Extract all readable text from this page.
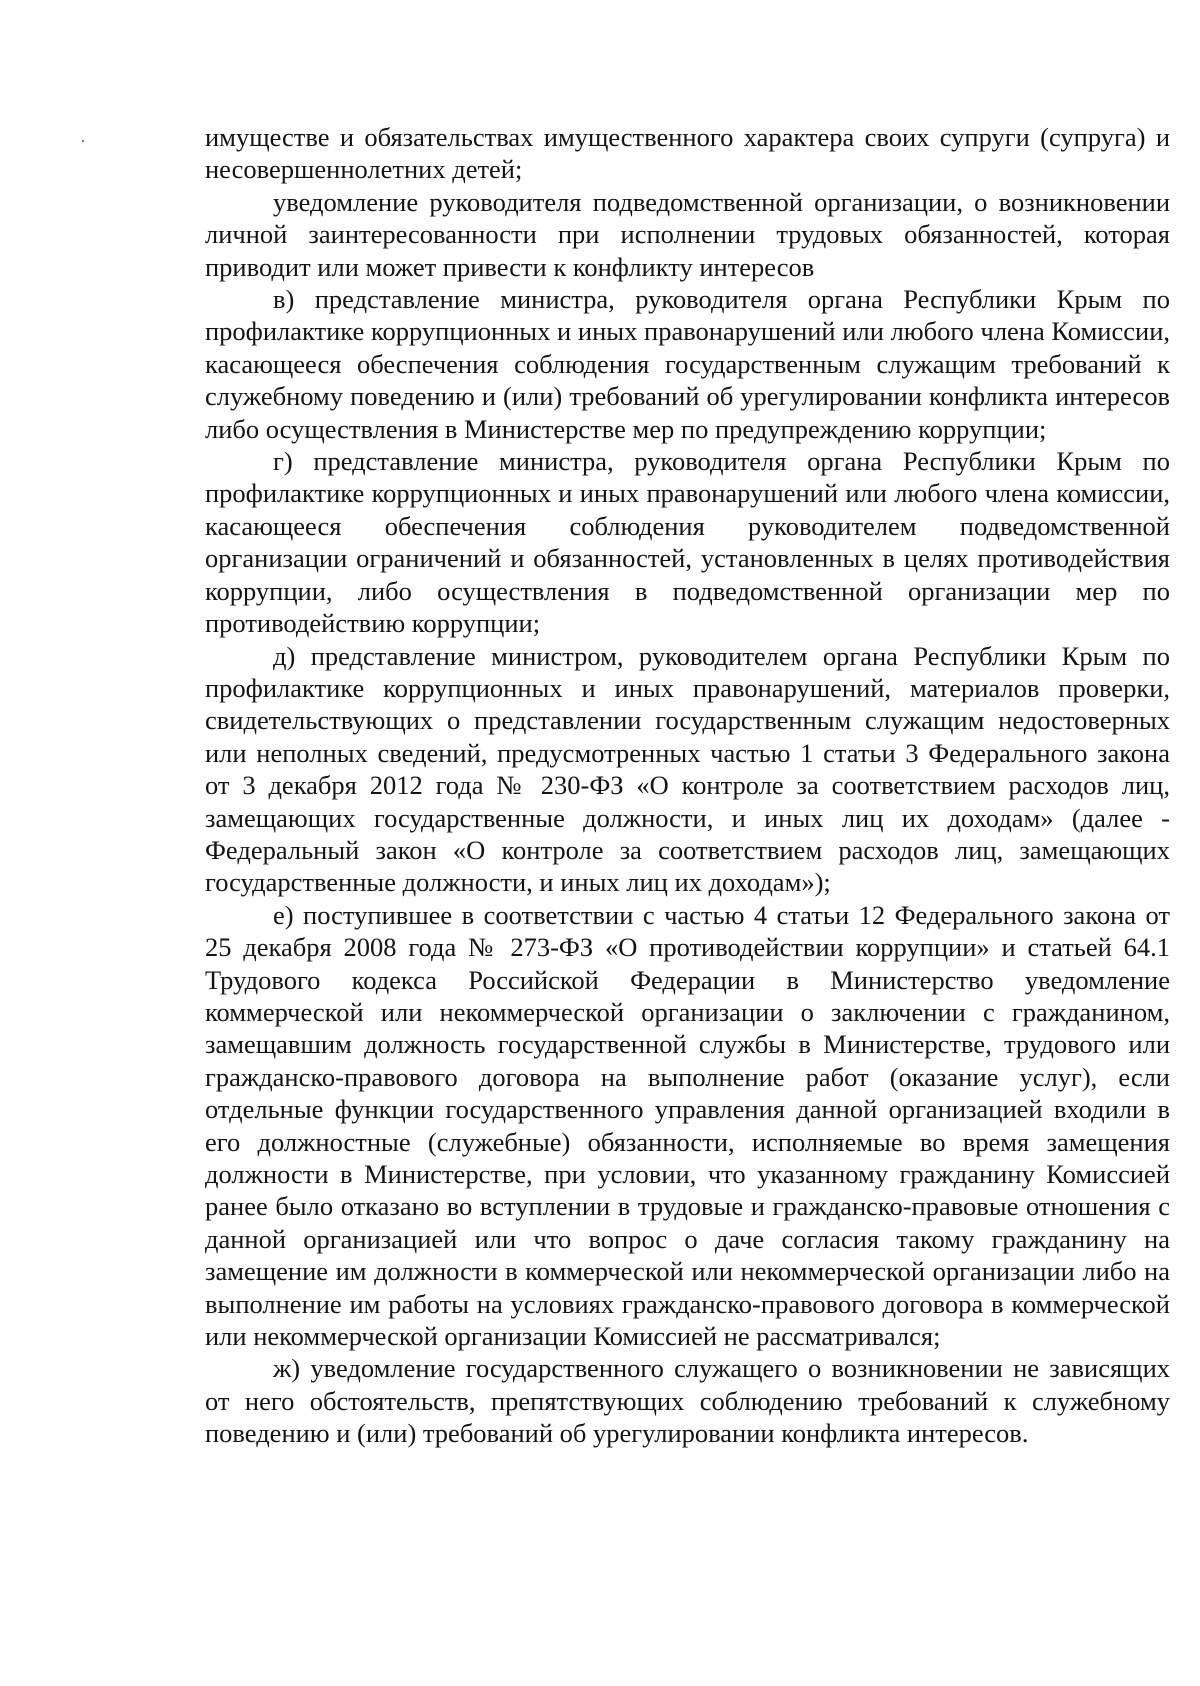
имуществе и обязательствах имущественного характера своих супруги (супруга) и несовершеннолетних детей;

уведомление руководителя подведомственной организации, о возникновении личной заинтересованности при исполнении трудовых обязанностей, которая приводит или может привести к конфликту интересов

в) представление министра, руководителя органа Республики Крым по профилактике коррупционных и иных правонарушений или любого члена Комиссии, касающееся обеспечения соблюдения государственным служащим требований к служебному поведению и (или) требований об урегулировании конфликта интересов либо осуществления в Министерстве мер по предупреждению коррупции;

г) представление министра, руководителя органа Республики Крым по профилактике коррупционных и иных правонарушений или любого члена комиссии, касающееся обеспечения соблюдения руководителем подведомственной организации ограничений и обязанностей, установленных в целях противодействия коррупции, либо осуществления в подведомственной организации мер по противодействию коррупции;

д) представление министром, руководителем органа Республики Крым по профилактике коррупционных и иных правонарушений, материалов проверки, свидетельствующих о представлении государственным служащим недостоверных или неполных сведений, предусмотренных частью 1 статьи 3 Федерального закона от 3 декабря 2012 года № 230-ФЗ «О контроле за соответствием расходов лиц, замещающих государственные должности, и иных лиц их доходам» (далее - Федеральный закон «О контроле за соответствием расходов лиц, замещающих государственные должности, и иных лиц их доходам»);

е) поступившее в соответствии с частью 4 статьи 12 Федерального закона от 25 декабря 2008 года № 273-ФЗ «О противодействии коррупции» и статьей 64.1 Трудового кодекса Российской Федерации в Министерство уведомление коммерческой или некоммерческой организации о заключении с гражданином, замещавшим должность государственной службы в Министерстве, трудового или гражданско-правового договора на выполнение работ (оказание услуг), если отдельные функции государственного управления данной организацией входили в его должностные (служебные) обязанности, исполняемые во время замещения должности в Министерстве, при условии, что указанному гражданину Комиссией ранее было отказано во вступлении в трудовые и гражданско-правовые отношения с данной организацией или что вопрос о даче согласия такому гражданину на замещение им должности в коммерческой или некоммерческой организации либо на выполнение им работы на условиях гражданско-правового договора в коммерческой или некоммерческой организации Комиссией не рассматривался;

ж) уведомление государственного служащего о возникновении не зависящих от него обстоятельств, препятствующих соблюдению требований к служебному поведению и (или) требований об урегулировании конфликта интересов.
